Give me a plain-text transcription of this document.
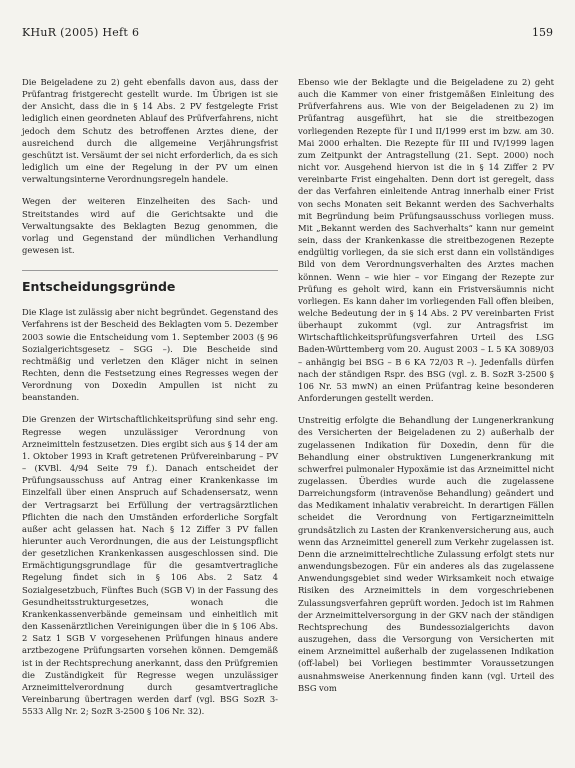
KHuR (2005) Heft 6	159

Die Beigeladene zu 2) geht ebenfalls davon aus, dass der Prüfantrag fristgerecht gestellt wurde. Im Übrigen ist sie der Ansicht, dass die in § 14 Abs. 2 PV festgelegte Frist lediglich einen geordneten Ablauf des Prüfverfahrens, nicht jedoch dem Schutz des betroffenen Arztes diene, der ausreichend durch die allgemeine Verjährungsfrist geschützt ist. Versäumt der sei nicht erforderlich, da es sich lediglich um eine der Regelung in der PV um einen verwaltungsinterne Verordnungsregeln handele.

Wegen der weiteren Einzelheiten des Sach- und Streitstandes wird auf die Gerichtsakte und die Verwaltungsakte des Beklagten Bezug genommen, die vorlag und Gegenstand der mündlichen Verhandlung gewesen ist.

Entscheidungsgründe

Die Klage ist zulässig aber nicht begründet. Gegenstand des Verfahrens ist der Bescheid des Beklagten vom 5. Dezember 2003 sowie die Entscheidung vom 1. September 2003 (§ 96 Sozialgerichtsgesetz – SGG –). Die Bescheide sind rechtmäßig und verletzen den Kläger nicht in seinen Rechten, denn die Festsetzung eines Regresses wegen der Verordnung von Doxedin Ampullen ist nicht zu beanstanden.

Die Grenzen der Wirtschaftlichkeitsprüfung sind sehr eng. Regresse wegen unzulässiger Verordnung von Arzneimitteln festzusetzen. Dies ergibt sich aus § 14 der am 1. Oktober 1993 in Kraft getretenen Prüfvereinbarung – PV – (KVBl. 4/94 Seite 79 f.). Danach entscheidet der Prüfungsausschuss auf Antrag einer Krankenkasse im Einzelfall über einen Anspruch auf Schadensersatz, wenn der Vertragsarzt bei Erfüllung der vertragsärztlichen Pflichten die nach den Umständen erforderliche Sorgfalt außer acht gelassen hat. Nach § 12 Ziffer 3 PV fallen hierunter auch Verordnungen, die aus der Leistungspflicht der gesetzlichen Krankenkassen ausgeschlossen sind. Die Ermächtigungsgrundlage für die gesamtvertragliche Regelung findet sich in § 106 Abs. 2 Satz 4 Sozialgesetzbuch, Fünftes Buch (SGB V) in der Fassung des Gesundheitsstrukturgesetzes, wonach die Krankenkassenverbände gemeinsam und einheitlich mit den Kassenärztlichen Vereinigungen über die in § 106 Abs. 2 Satz 1 SGB V vorgesehenen Prüfungen hinaus andere arztbezogene Prüfungsarten vorsehen können. Demgemäß ist in der Rechtsprechung anerkannt, dass den Prüfgremien die Zuständigkeit für Regresse wegen unzulässiger Arzneimittelverordnung durch gesamtvertragliche Vereinbarung übertragen werden darf (vgl. BSG SozR 3-5533 Allg Nr. 2; SozR 3-2500 § 106 Nr. 32).

Ebenso wie der Beklagte und die Beigeladene zu 2) geht auch die Kammer von einer fristgemäßen Einleitung des Prüfverfahrens aus. Wie von der Beigeladenen zu 2) im Prüfantrag ausgeführt, hat sie die streitbezogen vorliegenden Rezepte für I und II/1999 erst im bzw. am 30. Mai 2000 erhalten. Die Rezepte für III und IV/1999 lagen zum Zeitpunkt der Antragstellung (21. Sept. 2000) noch nicht vor. Ausgehend hiervon ist die in § 14 Ziffer 2 PV vereinbarte Frist eingehalten. Denn dort ist geregelt, dass der das Verfahren einleitende Antrag innerhalb einer Frist von sechs Monaten seit Bekannt werden des Sachverhalts mit Begründung beim Prüfungsausschuss vorliegen muss. Mit „Bekannt werden des Sachverhalts“ kann nur gemeint sein, dass der Krankenkasse die streitbezogenen Rezepte endgültig vorliegen, da sie sich erst dann ein vollständiges Bild von dem Verordnungsverhalten des Arztes machen können. Wenn – wie hier – vor Eingang der Rezepte zur Prüfung es geholt wird, kann ein Fristversäumnis nicht vorliegen. Es kann daher im vorliegenden Fall offen bleiben, welche Bedeutung der in § 14 Abs. 2 PV vereinbarten Frist überhaupt zukommt (vgl. zur Antragsfrist im Wirtschaftlichkeitsprüfungsverfahren Urteil des LSG Baden-Württemberg vom 20. August 2003 – L 5 KA 3089/03 – anhängig bei BSG – B 6 KA 72/03 R –). Jedenfalls dürfen nach der ständigen Rspr. des BSG (vgl. z. B. SozR 3-2500 § 106 Nr. 53 mwN) an einen Prüfantrag keine besonderen Anforderungen gestellt werden.

Unstreitig erfolgte die Behandlung der Lungenerkrankung des Versicherten der Beigeladenen zu 2) außerhalb der zugelassenen Indikation für Doxedin, denn für die Behandlung einer obstruktiven Lungenerkrankung mit schwerfrei pulmonaler Hypoxämie ist das Arzneimittel nicht zugelassen. Überdies wurde auch die zugelassene Darreichungsform (intravenöse Behandlung) geändert und das Medikament inhalativ verabreicht. In derartigen Fällen scheidet die Verordnung von Fertigarzneimitteln grundsätzlich zu Lasten der Krankenversicherung aus, auch wenn das Arzneimittel generell zum Verkehr zugelassen ist. Denn die arzneimittelrechtliche Zulassung erfolgt stets nur anwendungsbezogen. Für ein anderes als das zugelassene Anwendungsgebiet sind weder Wirksamkeit noch etwaige Risiken des Arzneimittels in dem vorgeschriebenen Zulassungsverfahren geprüft worden. Jedoch ist im Rahmen der Arzneimittelversorgung in der GKV nach der ständigen Rechtsprechung des Bundessozialgerichts davon auszugehen, dass die Versorgung von Versicherten mit einem Arzneimittel außerhalb der zugelassenen Indikation (off-label) bei Vorliegen bestimmter Voraussetzungen ausnahmsweise Anerkennung finden kann (vgl. Urteil des BSG vom
